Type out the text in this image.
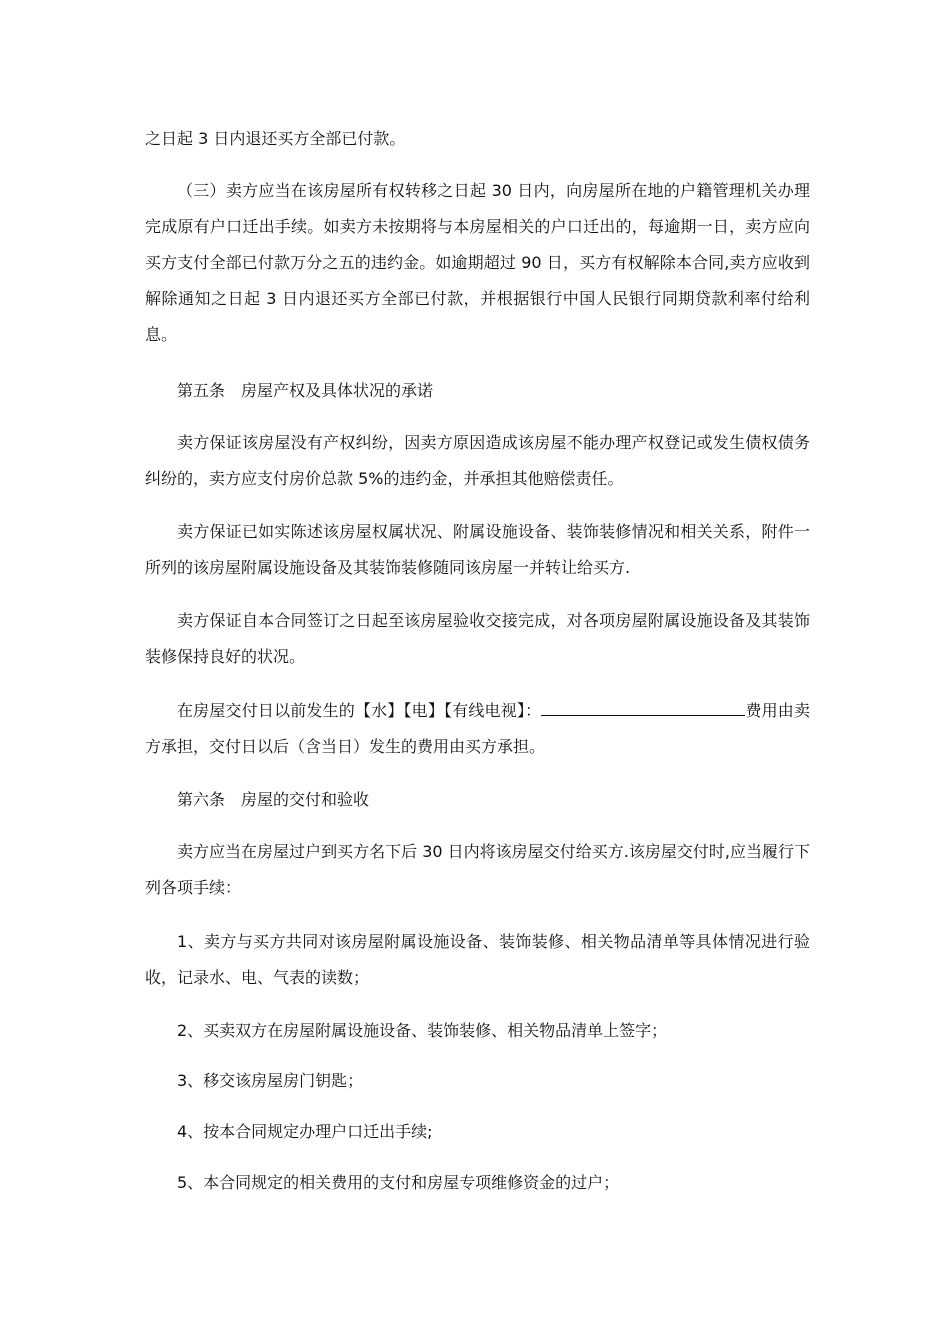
之日起 3 日内退还买方全部已付款。

（三）卖方应当在该房屋所有权转移之日起 30 日内，向房屋所在地的户籍管理机关办理完成原有户口迁出手续。如卖方未按期将与本房屋相关的户口迁出的，每逾期一日，卖方应向买方支付全部已付款万分之五的违约金。如逾期超过 90 日，买方有权解除本合同,卖方应收到解除通知之日起 3 日内退还买方全部已付款，并根据银行中国人民银行同期贷款利率付给利息。

第五条　房屋产权及具体状况的承诺

卖方保证该房屋没有产权纠纷，因卖方原因造成该房屋不能办理产权登记或发生债权债务纠纷的，卖方应支付房价总款 5%的违约金，并承担其他赔偿责任。

卖方保证已如实陈述该房屋权属状况、附属设施设备、装饰装修情况和相关关系，附件一所列的该房屋附属设施设备及其装饰装修随同该房屋一并转让给买方.

卖方保证自本合同签订之日起至该房屋验收交接完成，对各项房屋附属设施设备及其装饰装修保持良好的状况。

在房屋交付日以前发生的【水】【电】【有线电视】：	费用由卖方承担，交付日以后（含当日）发生的费用由买方承担。

第六条　房屋的交付和验收

卖方应当在房屋过户到买方名下后 30 日内将该房屋交付给买方.该房屋交付时,应当履行下列各项手续：

1、卖方与买方共同对该房屋附属设施设备、装饰装修、相关物品清单等具体情况进行验收，记录水、电、气表的读数；

2、买卖双方在房屋附属设施设备、装饰装修、相关物品清单上签字；

3、移交该房屋房门钥匙；

4、按本合同规定办理户口迁出手续;

5、本合同规定的相关费用的支付和房屋专项维修资金的过户；
